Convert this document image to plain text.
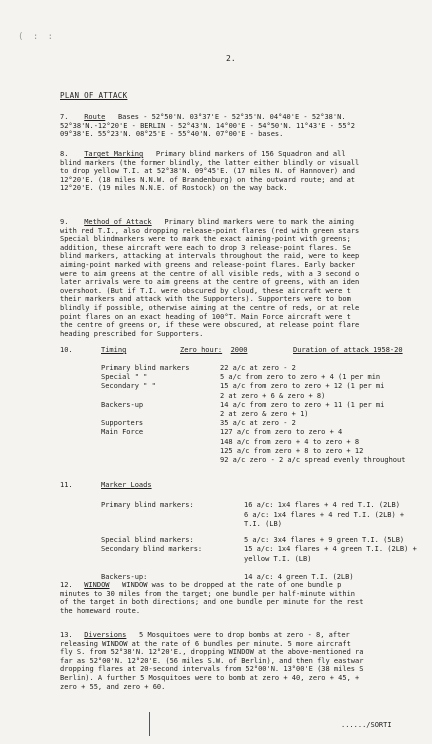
( : :
2.
PLAN OF ATTACK
7. Route Bases - 52°50'N. 03°37'E - 52°35'N. 04°40'E - 52°38'N.
52°38'N.-12°20'E - BERLIN - 52°43'N. 14°00'E - 54°50'N. 11°43'E - 55°2
09°38'E. 55°23'N. 08°25'E - 55°40'N. 07°00'E - bases.
8. Target Marking Primary blind markers of 156 Squadron and all
blind markers (the former blindly, the latter either blindly or visuall
to drop yellow T.I. at 52°38'N. 09°45'E. (17 miles N. of Hannover) and
12°20'E. (18 miles N.N.W. of Brandenburg) on the outward route; and at
12°20'E. (19 miles N.N.E. of Rostock) on the way back.
9. Method of Attack Primary blind markers were to mark the aiming
with red T.I., also dropping release-point flares (red with green stars
Special blindmarkers were to mark the exact aiming-point with greens;
addition, these aircraft were each to drop 3 release-point flares. Se
blind markers, attacking at intervals throughout the raid, were to keep
aiming-point marked with greens and release-point flares. Early backer
were to aim greens at the centre of all visible reds, with a 3 second o
later arrivals were to aim greens at the centre of greens, with an iden
overshoot. (But if T.I. were obscured by cloud, these aircraft were t
their markers and attack with the Supporters). Supporters were to bom
blindly if possible, otherwise aiming at the centre of reds, or at rele
point flares on an exact heading of 100°T. Main Force aircraft were t
the centre of greens or, if these were obscured, at release point flare
heading prescribed for Supporters.
10.	Timing	Zero hour: 2000	Duration of attack 1958-20
Primary blind markers	22 a/c at zero - 2
Special " "	5 a/c from zero to zero + 4 (1 per min
Secondary " "	15 a/c from zero to zero + 12 (1 per mi
2 at zero + 6 & zero + 8)
Backers-up	14 a/c from zero to zero + 11 (1 per mi
2 at zero & zero + 1)
Supporters	35 a/c at zero - 2
Main Force	127 a/c from zero to zero + 4
148 a/c from zero + 4 to zero + 8
125 a/c from zero + 8 to zero + 12
92 a/c zero - 2 a/c spread evenly throughout
11.	Marker Loads
Primary blind markers:	16 a/c: 1x4 flares + 4 red T.I. (2LB)
6 a/c: 1x4 flares + 4 red T.I. (2LB) +
T.I. (LB)
Special blind markers:	5 a/c: 3x4 flares + 9 green T.I. (5LB)
Secondary blind markers:	15 a/c: 1x4 flares + 4 green T.I. (2LB) +
yellow T.I. (LB)
Backers-up:	14 a/c: 4 green T.I. (2LB)
12. WINDOW WINDOW was to be dropped at the rate of one bundle p
minutes to 30 miles from the target; one bundle per half-minute within
of the target in both directions; and one bundle per minute for the rest
the homeward route.
13. Diversions 5 Mosquitoes were to drop bombs at zero - 8, after
releasing WINDOW at the rate of 6 bundles per minute. 5 more aircraft
fly S. from 52°38'N. 12°20'E., dropping WINDOW at the above-mentioned ra
far as 52°00'N. 12°20'E. (56 miles S.W. of Berlin), and then fly eastwar
dropping flares at 20-second intervals from 52°00'N. 13°00'E (38 miles S
Berlin). A further 5 Mosquitoes were to bomb at zero + 40, zero + 45, +
zero + 55, and zero + 60.
....../SORTI
